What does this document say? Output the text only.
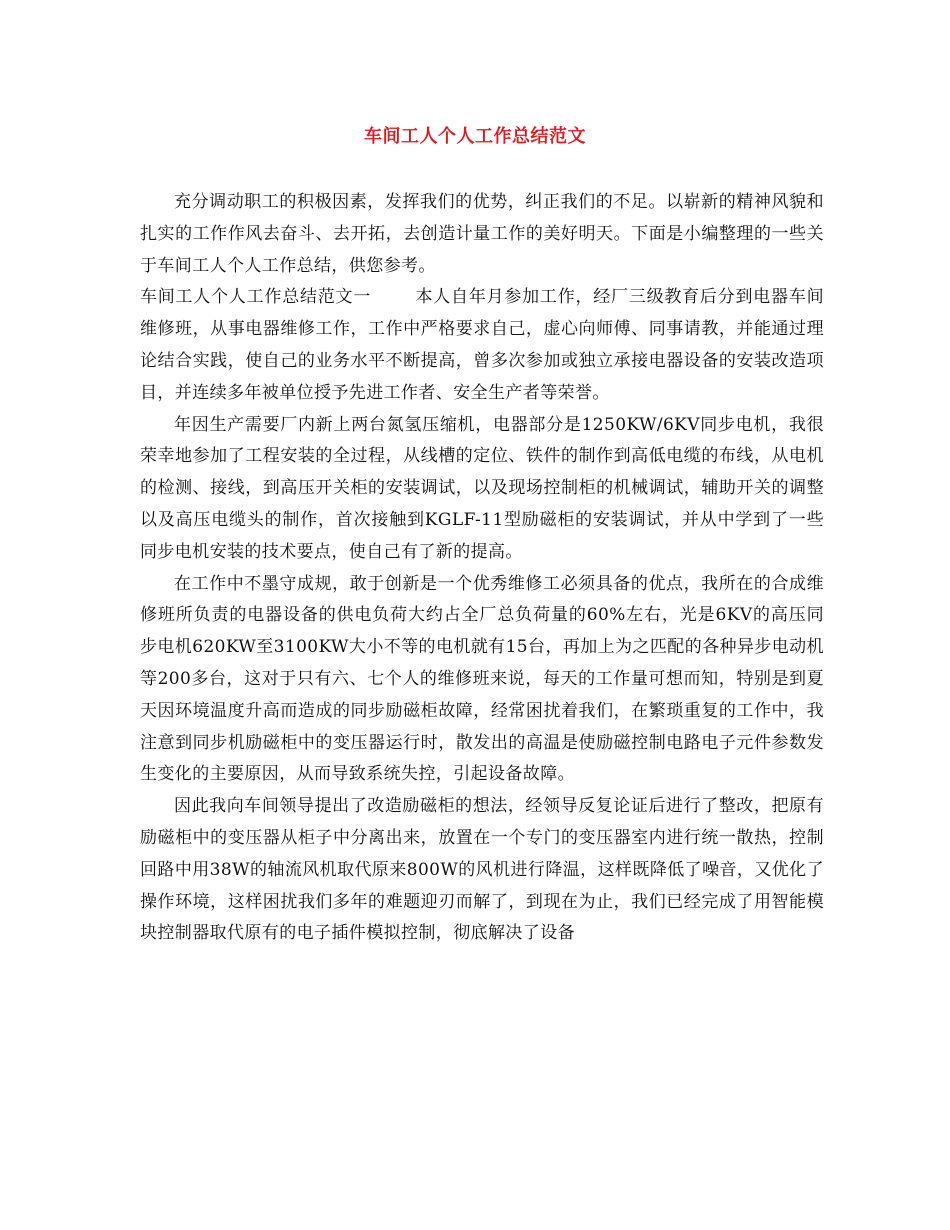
车间工人个人工作总结范文

充分调动职工的积极因素，发挥我们的优势，纠正我们的不足。以崭新的精神风貌和扎实的工作作风去奋斗、去开拓，去创造计量工作的美好明天。下面是小编整理的一些关于车间工人个人工作总结，供您参考。

车间工人个人工作总结范文一	本人自年月参加工作，经厂三级教育后分到电器车间维修班，从事电器维修工作，工作中严格要求自己，虚心向师傅、同事请教，并能通过理论结合实践，使自己的业务水平不断提高，曾多次参加或独立承接电器设备的安装改造项目，并连续多年被单位授予先进工作者、安全生产者等荣誉。

年因生产需要厂内新上两台氮氢压缩机，电器部分是1250KW/6KV同步电机，我很荣幸地参加了工程安装的全过程，从线槽的定位、铁件的制作到高低电缆的布线，从电机的检测、接线，到高压开关柜的安装调试，以及现场控制柜的机械调试，辅助开关的调整以及高压电缆头的制作，首次接触到KGLF-11型励磁柜的安装调试，并从中学到了一些同步电机安装的技术要点，使自己有了新的提高。

在工作中不墨守成规，敢于创新是一个优秀维修工必须具备的优点，我所在的合成维修班所负责的电器设备的供电负荷大约占全厂总负荷量的60%左右，光是6KV的高压同步电机620KW至3100KW大小不等的电机就有15台，再加上为之匹配的各种异步电动机等200多台，这对于只有六、七个人的维修班来说，每天的工作量可想而知，特别是到夏天因环境温度升高而造成的同步励磁柜故障，经常困扰着我们，在繁琐重复的工作中，我注意到同步机励磁柜中的变压器运行时，散发出的高温是使励磁控制电路电子元件参数发生变化的主要原因，从而导致系统失控，引起设备故障。

因此我向车间领导提出了改造励磁柜的想法，经领导反复论证后进行了整改，把原有励磁柜中的变压器从柜子中分离出来，放置在一个专门的变压器室内进行统一散热，控制回路中用38W的轴流风机取代原来800W的风机进行降温，这样既降低了噪音，又优化了操作环境，这样困扰我们多年的难题迎刃而解了，到现在为止，我们已经完成了用智能模块控制器取代原有的电子插件模拟控制，彻底解决了设备
